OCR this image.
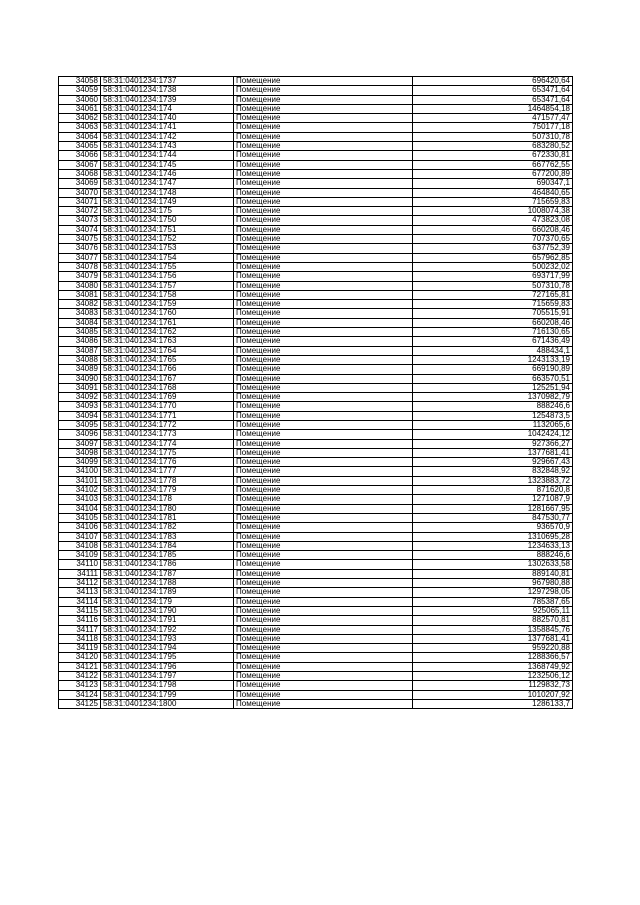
34058	58:31:0401234:1737	Помещение	696420,64
34059	58:31:0401234:1738	Помещение	653471,64
34060	58:31:0401234:1739	Помещение	653471,64
34061	58:31:0401234:174	Помещение	1464854,18
34062	58:31:0401234:1740	Помещение	471577,47
34063	58:31:0401234:1741	Помещение	750177,18
34064	58:31:0401234:1742	Помещение	507310,78
34065	58:31:0401234:1743	Помещение	683280,52
34066	58:31:0401234:1744	Помещение	672330,81
34067	58:31:0401234:1745	Помещение	667762,55
34068	58:31:0401234:1746	Помещение	677200,89
34069	58:31:0401234:1747	Помещение	690347,1
34070	58:31:0401234:1748	Помещение	464840,65
34071	58:31:0401234:1749	Помещение	715659,83
34072	58:31:0401234:175	Помещение	1008074,38
34073	58:31:0401234:1750	Помещение	473823,08
34074	58:31:0401234:1751	Помещение	660208,46
34075	58:31:0401234:1752	Помещение	707370,65
34076	58:31:0401234:1753	Помещение	637752,39
34077	58:31:0401234:1754	Помещение	657962,85
34078	58:31:0401234:1755	Помещение	500232,02
34079	58:31:0401234:1756	Помещение	693717,99
34080	58:31:0401234:1757	Помещение	507310,78
34081	58:31:0401234:1758	Помещение	727165,81
34082	58:31:0401234:1759	Помещение	715659,83
34083	58:31:0401234:1760	Помещение	705515,91
34084	58:31:0401234:1761	Помещение	660208,46
34085	58:31:0401234:1762	Помещение	716130,65
34086	58:31:0401234:1763	Помещение	671436,49
34087	58:31:0401234:1764	Помещение	488434,1
34088	58:31:0401234:1765	Помещение	1243133,19
34089	58:31:0401234:1766	Помещение	669190,89
34090	58:31:0401234:1767	Помещение	663570,51
34091	58:31:0401234:1768	Помещение	125251,94
34092	58:31:0401234:1769	Помещение	1370982,79
34093	58:31:0401234:1770	Помещение	888246,6
34094	58:31:0401234:1771	Помещение	1254873,5
34095	58:31:0401234:1772	Помещение	1132065,6
34096	58:31:0401234:1773	Помещение	1042424,12
34097	58:31:0401234:1774	Помещение	927366,27
34098	58:31:0401234:1775	Помещение	1377681,41
34099	58:31:0401234:1776	Помещение	929667,43
34100	58:31:0401234:1777	Помещение	832848,92
34101	58:31:0401234:1778	Помещение	1323883,72
34102	58:31:0401234:1779	Помещение	871620,8
34103	58:31:0401234:178	Помещение	1271087,9
34104	58:31:0401234:1780	Помещение	1281667,95
34105	58:31:0401234:1781	Помещение	847530,77
34106	58:31:0401234:1782	Помещение	936570,9
34107	58:31:0401234:1783	Помещение	1310695,28
34108	58:31:0401234:1784	Помещение	1234633,13
34109	58:31:0401234:1785	Помещение	888246,6
34110	58:31:0401234:1786	Помещение	1302633,58
34111	58:31:0401234:1787	Помещение	889140,81
34112	58:31:0401234:1788	Помещение	967980,88
34113	58:31:0401234:1789	Помещение	1297298,05
34114	58:31:0401234:179	Помещение	785387,65
34115	58:31:0401234:1790	Помещение	925065,11
34116	58:31:0401234:1791	Помещение	882570,81
34117	58:31:0401234:1792	Помещение	1358845,76
34118	58:31:0401234:1793	Помещение	1377681,41
34119	58:31:0401234:1794	Помещение	959220,88
34120	58:31:0401234:1795	Помещение	1288366,57
34121	58:31:0401234:1796	Помещение	1368749,92
34122	58:31:0401234:1797	Помещение	1232506,12
34123	58:31:0401234:1798	Помещение	1129832,73
34124	58:31:0401234:1799	Помещение	1010207,92
34125	58:31:0401234:1800	Помещение	1286133,7
